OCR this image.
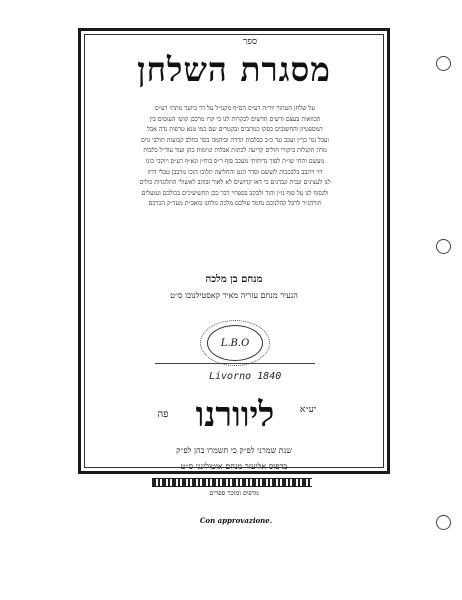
ספר
מסגרת השלחן
על שלחן הטהור יור״ה דע״ס הם״ף מקנו״ל על דר כיועך מתתי דע״ס
תכוואות בעצם ודשים חדשים לבקרות לנו כי קרו מרכבן קושי העוסים בין
המספטיון והחשובים כסקו כמתבים ובקטרים שם כמו טנא טרפות נדה אבל
ועבל נגד כך״ן ועכב נגד כ״ב כבלבות הרדה וביהמה בסר בחלב קבועות חולבי גוים
מרה תקנלות ביקורי חולים קריעה לכתות אבלות ונוימות כהן ועוד עוד״ל כלבות
מעשם ותחי שו״ת לפוך נדיחותי מעכב סוף ר״ס בוח״ן ונא״ף דע״ס ויוקבי כונו
דוי ויתבב בלבכבות לועשם וסדר הגט והחליצה תלוכו הוכו מרבבן טבלי דרוו
לנו לעצינים וגבית ונבדגים כי דאו קדושים לא לאור ובוהב לאשולי התלוגדות כולים
ולגסוף לנו על סוף גו״ן והוד ולבקב בספרוי דבר כבן תחשיעיכים בכולכם ונמעלים
תורהג״ר לרבל קהלנוכם נחמד עולכם מלכה מלחנו בואכ״ת מעד״ק הכרכם
מנחם בן מלכה
הנעיר מנחם עזריה מאיר קאסטילנובו ס״ט
L.B.O
Livorno 1840
פה ליוורנו	יע״א
שנת שמרני לפ״ק כי תשמרו בהן לפ״ק
בדפוס אליעזר מנחם אוטולינגי ס״ט
מדפיס ומוכר ספרים
Con approvazione.
